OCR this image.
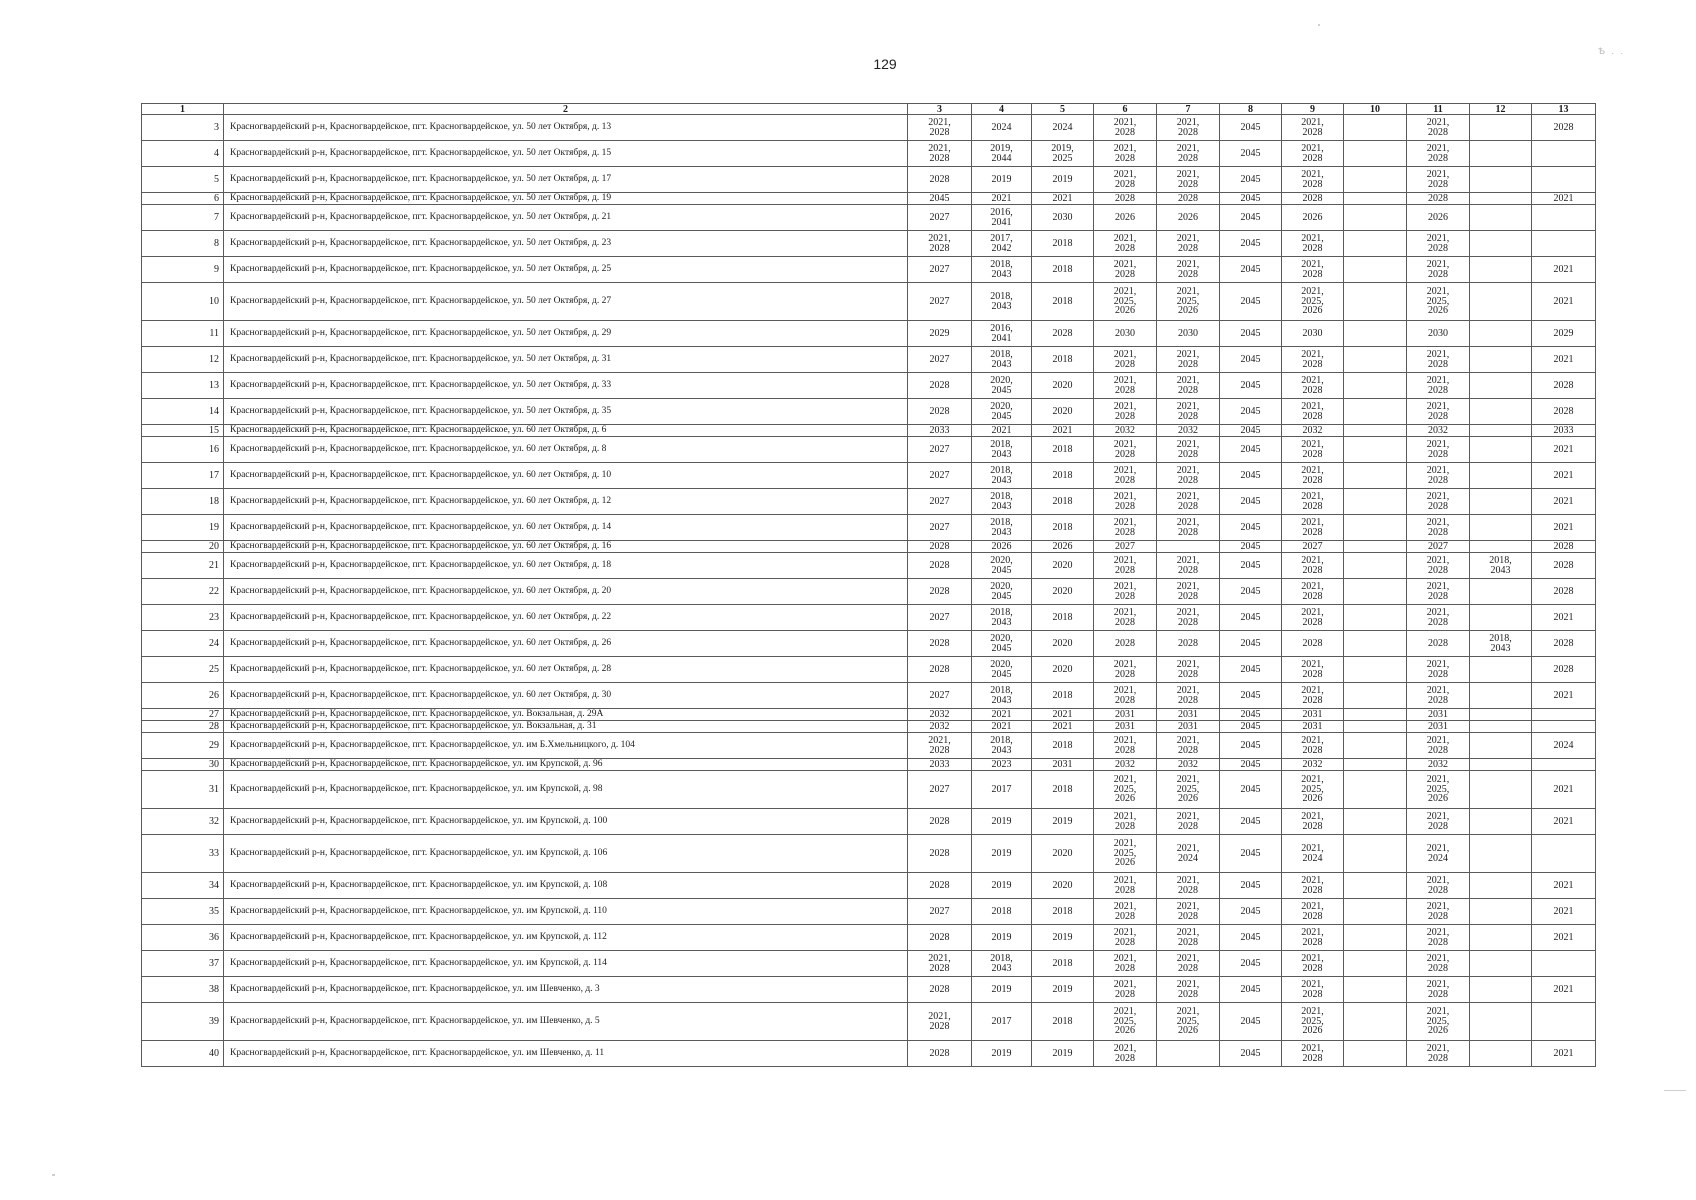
129
Ѣ . .
1	2	3	4	5	6	7	8	9	10	11	12	13
3	Красногвардейский р-н, Красногвардейское, пгт. Красногвардейское, ул. 50 лет Октября, д. 13	2021,
2028	2024	2024	2021,
2028	2021,
2028	2045	2021,
2028		2021,
2028		2028
4	Красногвардейский р-н, Красногвардейское, пгт. Красногвардейское, ул. 50 лет Октября, д. 15	2021,
2028	2019,
2044	2019,
2025	2021,
2028	2021,
2028	2045	2021,
2028		2021,
2028		
5	Красногвардейский р-н, Красногвардейское, пгт. Красногвардейское, ул. 50 лет Октября, д. 17	2028	2019	2019	2021,
2028	2021,
2028	2045	2021,
2028		2021,
2028		
6	Красногвардейский р-н, Красногвардейское, пгт. Красногвардейское, ул. 50 лет Октября, д. 19	2045	2021	2021	2028	2028	2045	2028		2028		2021
7	Красногвардейский р-н, Красногвардейское, пгт. Красногвардейское, ул. 50 лет Октября, д. 21	2027	2016,
2041	2030	2026	2026	2045	2026		2026		
8	Красногвардейский р-н, Красногвардейское, пгт. Красногвардейское, ул. 50 лет Октября, д. 23	2021,
2028	2017,
2042	2018	2021,
2028	2021,
2028	2045	2021,
2028		2021,
2028		
9	Красногвардейский р-н, Красногвардейское, пгт. Красногвардейское, ул. 50 лет Октября, д. 25	2027	2018,
2043	2018	2021,
2028	2021,
2028	2045	2021,
2028		2021,
2028		2021
10	Красногвардейский р-н, Красногвардейское, пгт. Красногвардейское, ул. 50 лет Октября, д. 27	2027	2018,
2043	2018	2021,
2025,
2026	2021,
2025,
2026	2045	2021,
2025,
2026		2021,
2025,
2026		2021
11	Красногвардейский р-н, Красногвардейское, пгт. Красногвардейское, ул. 50 лет Октября, д. 29	2029	2016,
2041	2028	2030	2030	2045	2030		2030		2029
12	Красногвардейский р-н, Красногвардейское, пгт. Красногвардейское, ул. 50 лет Октября, д. 31	2027	2018,
2043	2018	2021,
2028	2021,
2028	2045	2021,
2028		2021,
2028		2021
13	Красногвардейский р-н, Красногвардейское, пгт. Красногвардейское, ул. 50 лет Октября, д. 33	2028	2020,
2045	2020	2021,
2028	2021,
2028	2045	2021,
2028		2021,
2028		2028
14	Красногвардейский р-н, Красногвардейское, пгт. Красногвардейское, ул. 50 лет Октября, д. 35	2028	2020,
2045	2020	2021,
2028	2021,
2028	2045	2021,
2028		2021,
2028		2028
15	Красногвардейский р-н, Красногвардейское, пгт. Красногвардейское, ул. 60 лет Октября, д. 6	2033	2021	2021	2032	2032	2045	2032		2032		2033
16	Красногвардейский р-н, Красногвардейское, пгт. Красногвардейское, ул. 60 лет Октября, д. 8	2027	2018,
2043	2018	2021,
2028	2021,
2028	2045	2021,
2028		2021,
2028		2021
17	Красногвардейский р-н, Красногвардейское, пгт. Красногвардейское, ул. 60 лет Октября, д. 10	2027	2018,
2043	2018	2021,
2028	2021,
2028	2045	2021,
2028		2021,
2028		2021
18	Красногвардейский р-н, Красногвардейское, пгт. Красногвардейское, ул. 60 лет Октября, д. 12	2027	2018,
2043	2018	2021,
2028	2021,
2028	2045	2021,
2028		2021,
2028		2021
19	Красногвардейский р-н, Красногвардейское, пгт. Красногвардейское, ул. 60 лет Октября, д. 14	2027	2018,
2043	2018	2021,
2028	2021,
2028	2045	2021,
2028		2021,
2028		2021
20	Красногвардейский р-н, Красногвардейское, пгт. Красногвардейское, ул. 60 лет Октября, д. 16	2028	2026	2026	2027		2045	2027		2027		2028
21	Красногвардейский р-н, Красногвардейское, пгт. Красногвардейское, ул. 60 лет Октября, д. 18	2028	2020,
2045	2020	2021,
2028	2021,
2028	2045	2021,
2028		2021,
2028	2018,
2043	2028
22	Красногвардейский р-н, Красногвардейское, пгт. Красногвардейское, ул. 60 лет Октября, д. 20	2028	2020,
2045	2020	2021,
2028	2021,
2028	2045	2021,
2028		2021,
2028		2028
23	Красногвардейский р-н, Красногвардейское, пгт. Красногвардейское, ул. 60 лет Октября, д. 22	2027	2018,
2043	2018	2021,
2028	2021,
2028	2045	2021,
2028		2021,
2028		2021
24	Красногвардейский р-н, Красногвардейское, пгт. Красногвардейское, ул. 60 лет Октября, д. 26	2028	2020,
2045	2020	2028	2028	2045	2028		2028	2018,
2043	2028
25	Красногвардейский р-н, Красногвардейское, пгт. Красногвардейское, ул. 60 лет Октября, д. 28	2028	2020,
2045	2020	2021,
2028	2021,
2028	2045	2021,
2028		2021,
2028		2028
26	Красногвардейский р-н, Красногвардейское, пгт. Красногвардейское, ул. 60 лет Октября, д. 30	2027	2018,
2043	2018	2021,
2028	2021,
2028	2045	2021,
2028		2021,
2028		2021
27	Красногвардейский р-н, Красногвардейское, пгт. Красногвардейское, ул. Вокзальная, д. 29А	2032	2021	2021	2031	2031	2045	2031		2031		
28	Красногвардейский р-н, Красногвардейское, пгт. Красногвардейское, ул. Вокзальная, д. 31	2032	2021	2021	2031	2031	2045	2031		2031		
29	Красногвардейский р-н, Красногвардейское, пгт. Красногвардейское, ул. им Б.Хмельницкого, д. 104	2021,
2028	2018,
2043	2018	2021,
2028	2021,
2028	2045	2021,
2028		2021,
2028		2024
30	Красногвардейский р-н, Красногвардейское, пгт. Красногвардейское, ул. им Крупской, д. 96	2033	2023	2031	2032	2032	2045	2032		2032		
31	Красногвардейский р-н, Красногвардейское, пгт. Красногвардейское, ул. им Крупской, д. 98	2027	2017	2018	2021,
2025,
2026	2021,
2025,
2026	2045	2021,
2025,
2026		2021,
2025,
2026		2021
32	Красногвардейский р-н, Красногвардейское, пгт. Красногвардейское, ул. им Крупской, д. 100	2028	2019	2019	2021,
2028	2021,
2028	2045	2021,
2028		2021,
2028		2021
33	Красногвардейский р-н, Красногвардейское, пгт. Красногвардейское, ул. им Крупской, д. 106	2028	2019	2020	2021,
2025,
2026	2021,
2024	2045	2021,
2024		2021,
2024		
34	Красногвардейский р-н, Красногвардейское, пгт. Красногвардейское, ул. им Крупской, д. 108	2028	2019	2020	2021,
2028	2021,
2028	2045	2021,
2028		2021,
2028		2021
35	Красногвардейский р-н, Красногвардейское, пгт. Красногвардейское, ул. им Крупской, д. 110	2027	2018	2018	2021,
2028	2021,
2028	2045	2021,
2028		2021,
2028		2021
36	Красногвардейский р-н, Красногвардейское, пгт. Красногвардейское, ул. им Крупской, д. 112	2028	2019	2019	2021,
2028	2021,
2028	2045	2021,
2028		2021,
2028		2021
37	Красногвардейский р-н, Красногвардейское, пгт. Красногвардейское, ул. им Крупской, д. 114	2021,
2028	2018,
2043	2018	2021,
2028	2021,
2028	2045	2021,
2028		2021,
2028		
38	Красногвардейский р-н, Красногвардейское, пгт. Красногвардейское, ул. им Шевченко, д. 3	2028	2019	2019	2021,
2028	2021,
2028	2045	2021,
2028		2021,
2028		2021
39	Красногвардейский р-н, Красногвардейское, пгт. Красногвардейское, ул. им Шевченко, д. 5	2021,
2028	2017	2018	2021,
2025,
2026	2021,
2025,
2026	2045	2021,
2025,
2026		2021,
2025,
2026		
40	Красногвардейский р-н, Красногвардейское, пгт. Красногвардейское, ул. им Шевченко, д. 11	2028	2019	2019	2021,
2028		2045	2021,
2028		2021,
2028		2021
